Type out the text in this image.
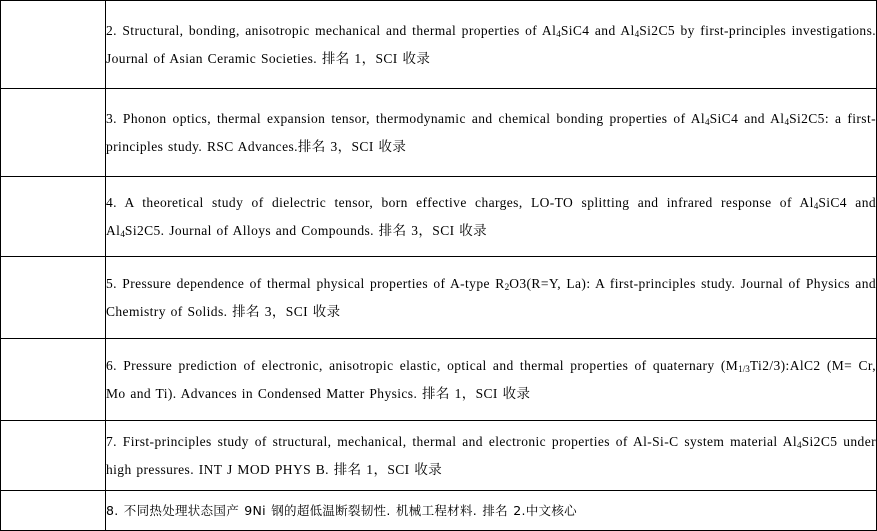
	2. Structural, bonding, anisotropic mechanical and thermal properties of $Al_4SiC4$ and $Al_4Si2C5$ by first-principles investigations. Journal of Asian Ceramic Societies. 排名 1，SCI 收录

	3. Phonon optics, thermal expansion tensor, thermodynamic and chemical bonding properties of $Al_4SiC4$ and $Al_4Si2C5$: a first-principles study. RSC Advances.排名 3，SCI 收录

	4. A theoretical study of dielectric tensor, born effective charges, LO-TO splitting and infrared response of $Al_4SiC4$ and $Al_4Si2C5$. Journal of Alloys and Compounds. 排名 3，SCI 收录

	5. Pressure dependence of thermal physical properties of A-type $R_2O3(R=Y$, La): A first-principles study. Journal of Physics and Chemistry of Solids. 排名 3，SCI 收录

	6. Pressure prediction of electronic, anisotropic elastic, optical and thermal properties of quaternary $(M_{1/3}Ti2/3):AlC2$ (M= Cr, Mo and Ti). Advances in Condensed Matter Physics. 排名 1，SCI 收录

	7. First-principles study of structural, mechanical, thermal and electronic properties of Al-Si-C system material $Al_4Si2C5$ under high pressures. INT J MOD PHYS B. 排名 1，SCI 收录

	8. 不同热处理状态国产 9Ni 钢的超低温断裂韧性. 机械工程材料. 排名 2.中文核心
